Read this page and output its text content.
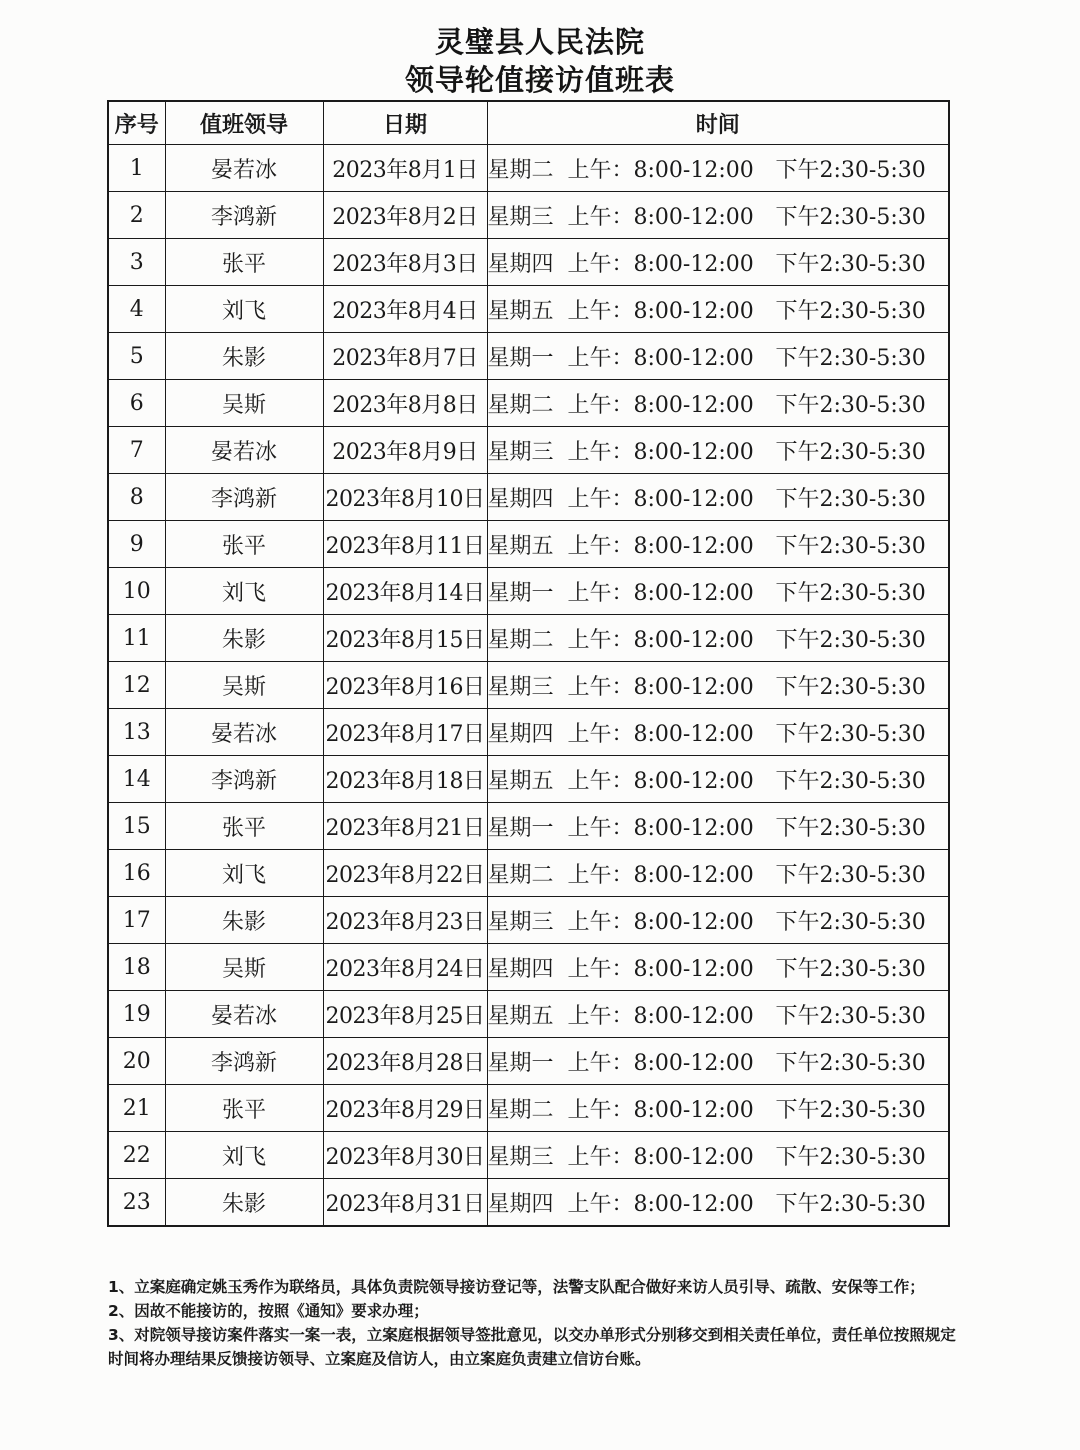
灵璧县人民法院
领导轮值接访值班表
序号	值班领导	日期	时间
1	晏若冰	2023年8月1日	星期二 上午：8:00-12:00 下午2:30-5:30
2	李鸿新	2023年8月2日	星期三 上午：8:00-12:00 下午2:30-5:30
3	张平	2023年8月3日	星期四 上午：8:00-12:00 下午2:30-5:30
4	刘飞	2023年8月4日	星期五 上午：8:00-12:00 下午2:30-5:30
5	朱影	2023年8月7日	星期一 上午：8:00-12:00 下午2:30-5:30
6	吴斯	2023年8月8日	星期二 上午：8:00-12:00 下午2:30-5:30
7	晏若冰	2023年8月9日	星期三 上午：8:00-12:00 下午2:30-5:30
8	李鸿新	2023年8月10日	星期四 上午：8:00-12:00 下午2:30-5:30
9	张平	2023年8月11日	星期五 上午：8:00-12:00 下午2:30-5:30
10	刘飞	2023年8月14日	星期一 上午：8:00-12:00 下午2:30-5:30
11	朱影	2023年8月15日	星期二 上午：8:00-12:00 下午2:30-5:30
12	吴斯	2023年8月16日	星期三 上午：8:00-12:00 下午2:30-5:30
13	晏若冰	2023年8月17日	星期四 上午：8:00-12:00 下午2:30-5:30
14	李鸿新	2023年8月18日	星期五 上午：8:00-12:00 下午2:30-5:30
15	张平	2023年8月21日	星期一 上午：8:00-12:00 下午2:30-5:30
16	刘飞	2023年8月22日	星期二 上午：8:00-12:00 下午2:30-5:30
17	朱影	2023年8月23日	星期三 上午：8:00-12:00 下午2:30-5:30
18	吴斯	2023年8月24日	星期四 上午：8:00-12:00 下午2:30-5:30
19	晏若冰	2023年8月25日	星期五 上午：8:00-12:00 下午2:30-5:30
20	李鸿新	2023年8月28日	星期一 上午：8:00-12:00 下午2:30-5:30
21	张平	2023年8月29日	星期二 上午：8:00-12:00 下午2:30-5:30
22	刘飞	2023年8月30日	星期三 上午：8:00-12:00 下午2:30-5:30
23	朱影	2023年8月31日	星期四 上午：8:00-12:00 下午2:30-5:30

1、立案庭确定姚玉秀作为联络员，具体负责院领导接访登记等，法警支队配合做好来访人员引导、疏散、安保等工作；

2、因故不能接访的，按照《通知》要求办理；

3、对院领导接访案件落实一案一表，立案庭根据领导签批意见，以交办单形式分别移交到相关责任单位，责任单位按照规定时间将办理结果反馈接访领导、立案庭及信访人，由立案庭负责建立信访台账。
